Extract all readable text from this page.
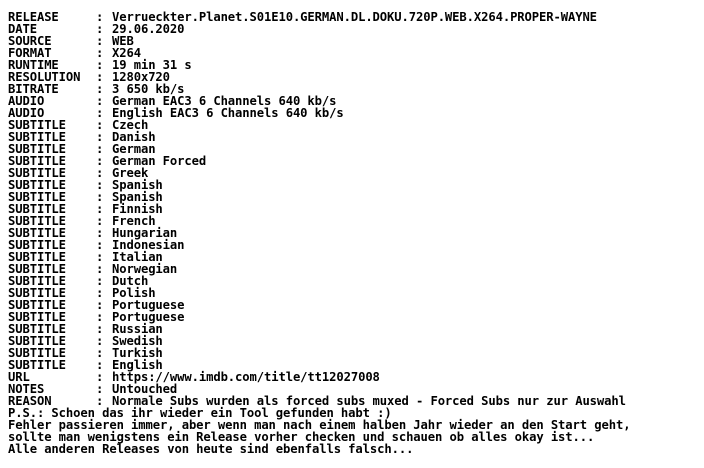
RELEASE	: Verrueckter.Planet.S01E10.GERMAN.DL.DOKU.720P.WEB.X264.PROPER-WAYNE
DATE	: 29.06.2020
SOURCE	: WEB
FORMAT	: X264
RUNTIME	: 19 min 31 s
RESOLUTION	: 1280x720
BITRATE	: 3 650 kb/s
AUDIO	: German EAC3 6 Channels 640 kb/s
AUDIO	: English EAC3 6 Channels 640 kb/s
SUBTITLE	: Czech
SUBTITLE	: Danish
SUBTITLE	: German
SUBTITLE	: German Forced
SUBTITLE	: Greek
SUBTITLE	: Spanish
SUBTITLE	: Spanish
SUBTITLE	: Finnish
SUBTITLE	: French
SUBTITLE	: Hungarian
SUBTITLE	: Indonesian
SUBTITLE	: Italian
SUBTITLE	: Norwegian
SUBTITLE	: Dutch
SUBTITLE	: Polish
SUBTITLE	: Portuguese
SUBTITLE	: Portuguese
SUBTITLE	: Russian
SUBTITLE	: Swedish
SUBTITLE	: Turkish
SUBTITLE	: English
URL	: https://www.imdb.com/title/tt12027008
NOTES	: Untouched
REASON	: Normale Subs wurden als forced subs muxed - Forced Subs nur zur Auswahl
P.S.: Schoen das ihr wieder ein Tool gefunden habt :)
Fehler passieren immer, aber wenn man nach einem halben Jahr wieder an den Start geht,
sollte man wenigstens ein Release vorher checken und schauen ob alles okay ist...
Alle anderen Releases von heute sind ebenfalls falsch...
